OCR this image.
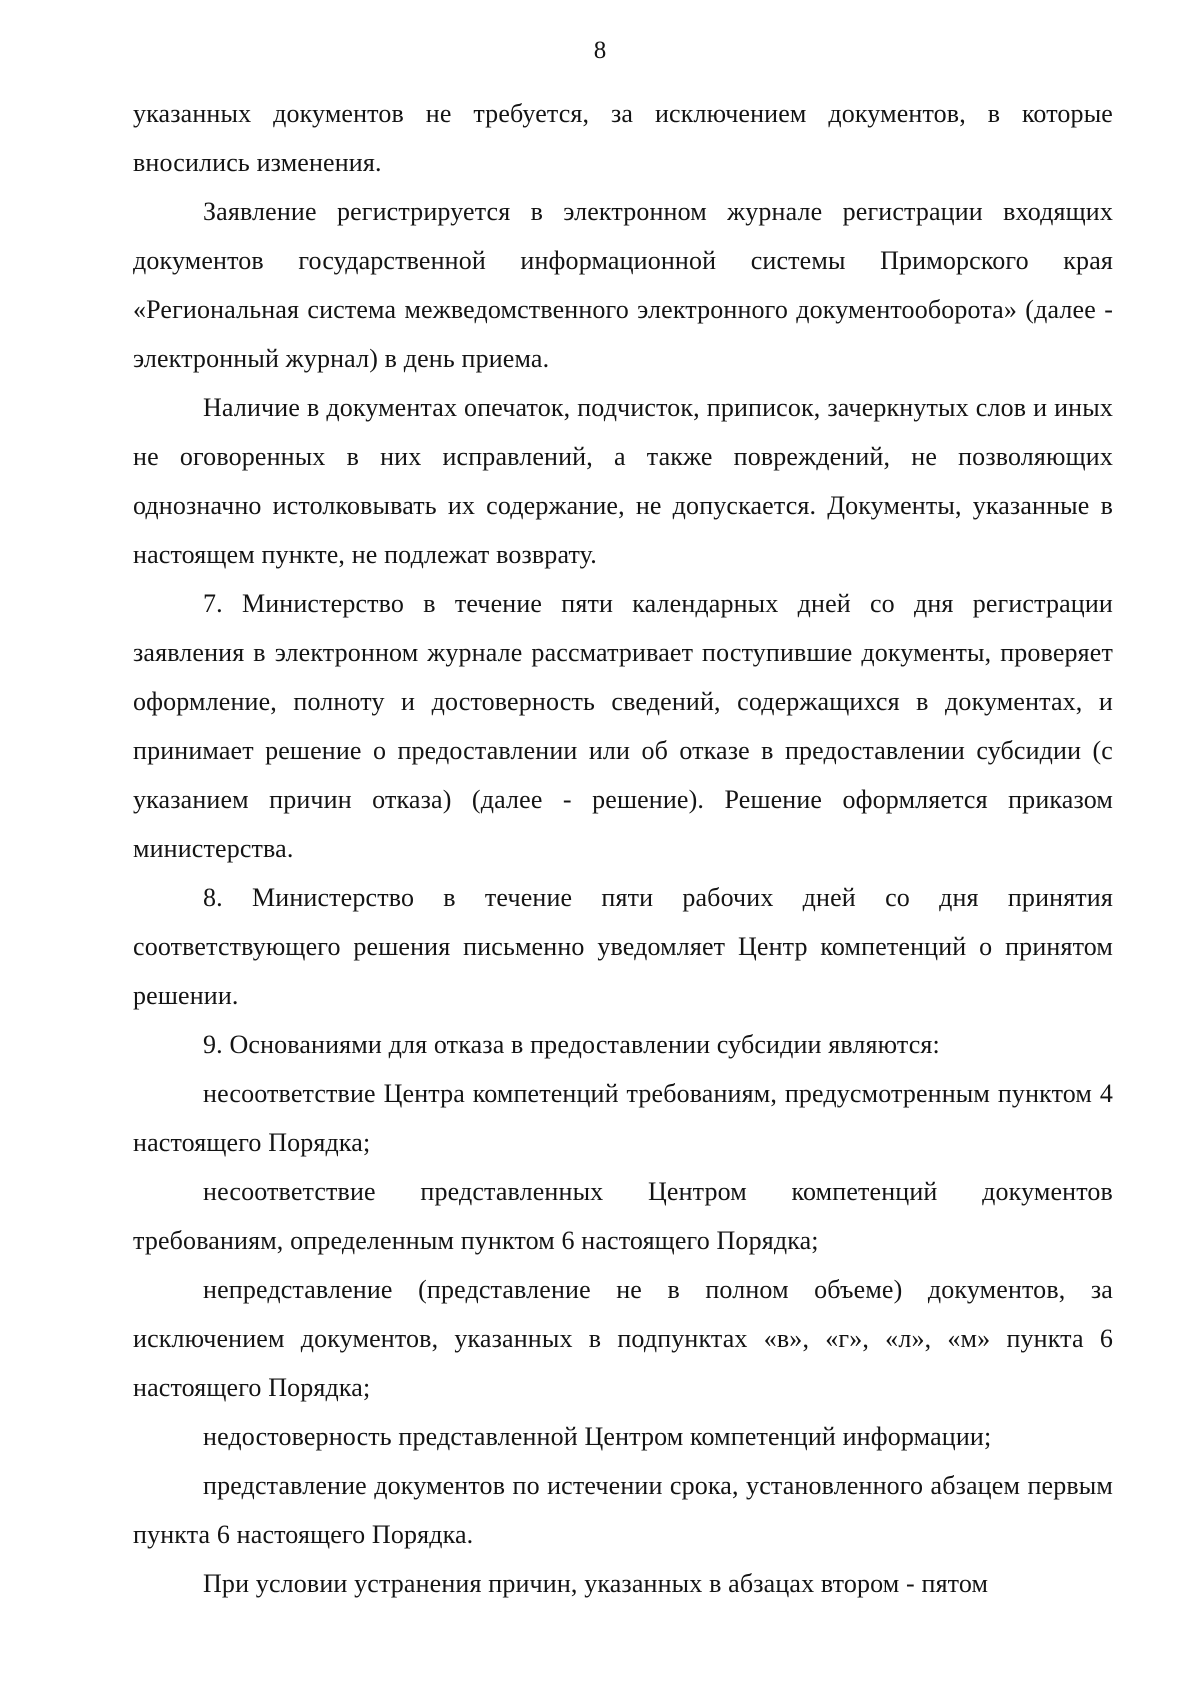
8

указанных документов не требуется, за исключением документов, в которые вносились изменения.

Заявление регистрируется в электронном журнале регистрации входящих документов государственной информационной системы Приморского края «Региональная система межведомственного электронного документооборота» (далее - электронный журнал) в день приема.

Наличие в документах опечаток, подчисток, приписок, зачеркнутых слов и иных не оговоренных в них исправлений, а также повреждений, не позволяющих однозначно истолковывать их содержание, не допускается. Документы, указанные в настоящем пункте, не подлежат возврату.

7. Министерство в течение пяти календарных дней со дня регистрации заявления в электронном журнале рассматривает поступившие документы, проверяет оформление, полноту и достоверность сведений, содержащихся в документах, и принимает решение о предоставлении или об отказе в предоставлении субсидии (с указанием причин отказа) (далее - решение). Решение оформляется приказом министерства.

8. Министерство в течение пяти рабочих дней со дня принятия соответствующего решения письменно уведомляет Центр компетенций о принятом решении.

9. Основаниями для отказа в предоставлении субсидии являются:

несоответствие Центра компетенций требованиям, предусмотренным пунктом 4 настоящего Порядка;

несоответствие представленных Центром компетенций документов требованиям, определенным пунктом 6 настоящего Порядка;

непредставление (представление не в полном объеме) документов, за исключением документов, указанных в подпунктах «в», «г», «л», «м» пункта 6 настоящего Порядка;

недостоверность представленной Центром компетенций информации;

представление документов по истечении срока, установленного абзацем первым пункта 6 настоящего Порядка.

При условии устранения причин, указанных в абзацах втором - пятом
